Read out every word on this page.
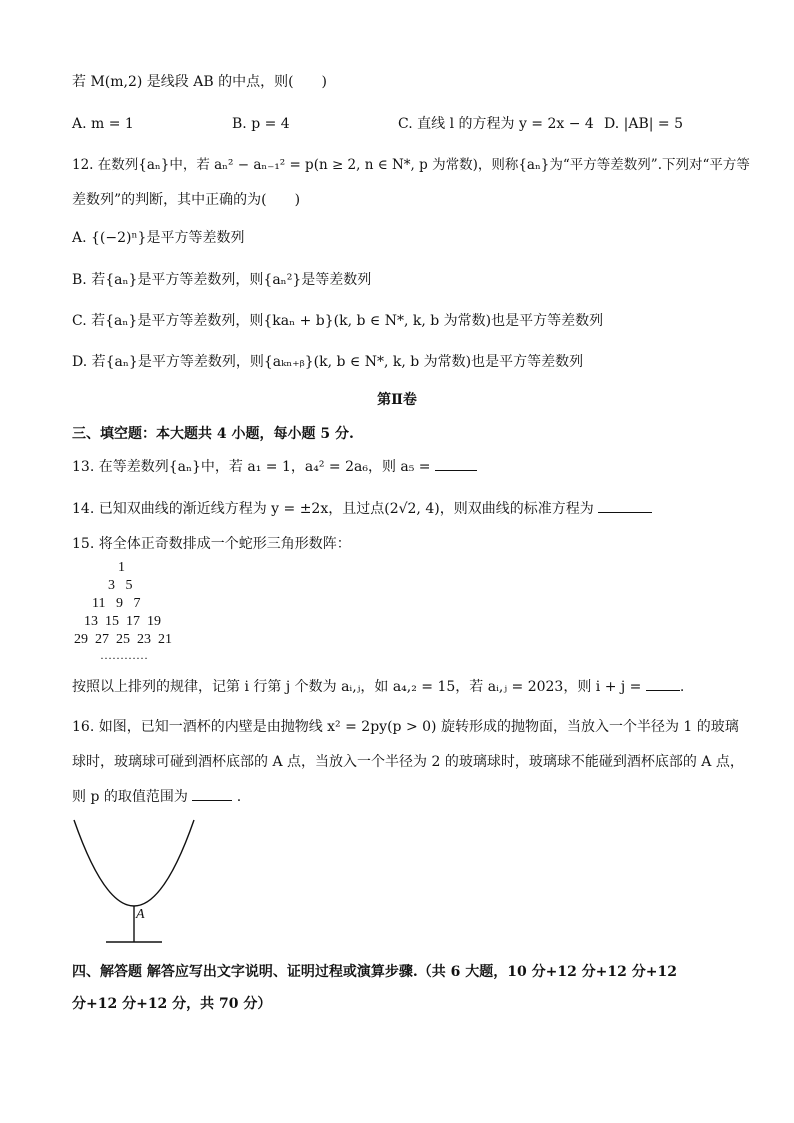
若 M(m,2) 是线段 AB 的中点，则(　　)
A. m = 1	B. p = 4	C. 直线 l 的方程为 y = 2x − 4 D. |AB| = 5
12. 在数列{aₙ}中，若 aₙ² − aₙ₋₁² = p(n ≥ 2, n ∈ N*, p 为常数)，则称{aₙ}为“平方等差数列”.下列对“平方等
差数列”的判断，其中正确的为(　　)
A. {(−2)ⁿ}是平方等差数列
B. 若{aₙ}是平方等差数列，则{aₙ²}是等差数列
C. 若{aₙ}是平方等差数列，则{kaₙ + b}(k, b ∈ N*, k, b 为常数)也是平方等差数列
D. 若{aₙ}是平方等差数列，则{aₖₙ₊ᵦ}(k, b ∈ N*, k, b 为常数)也是平方等差数列
第Ⅱ卷
三、填空题：本大题共 4 小题，每小题 5 分.
13. 在等差数列{aₙ}中，若 a₁ = 1，a₄² = 2a₆，则 a₅ =
14. 已知双曲线的渐近线方程为 y = ±2x，且过点(2√2, 4)，则双曲线的标准方程为
15. 将全体正奇数排成一个蛇形三角形数阵：
1
3   5
11   9   7
13  15  17  19
29  27  25  23  21
…………
按照以上排列的规律，记第 i 行第 j 个数为 aᵢ,ⱼ，如 a₄,₂ = 15，若 aᵢ,ⱼ = 2023，则 i + j =	.
16. 如图，已知一酒杯的内壁是由抛物线 x² = 2py(p > 0) 旋转形成的抛物面，当放入一个半径为 1 的玻璃
球时，玻璃球可碰到酒杯底部的 A 点，当放入一个半径为 2 的玻璃球时，玻璃球不能碰到酒杯底部的 A 点，
则 p 的取值范围为	.
A
四、解答题 解答应写出文字说明、证明过程或演算步骤.（共 6 大题，10 分+12 分+12 分+12
分+12 分+12 分，共 70 分）
